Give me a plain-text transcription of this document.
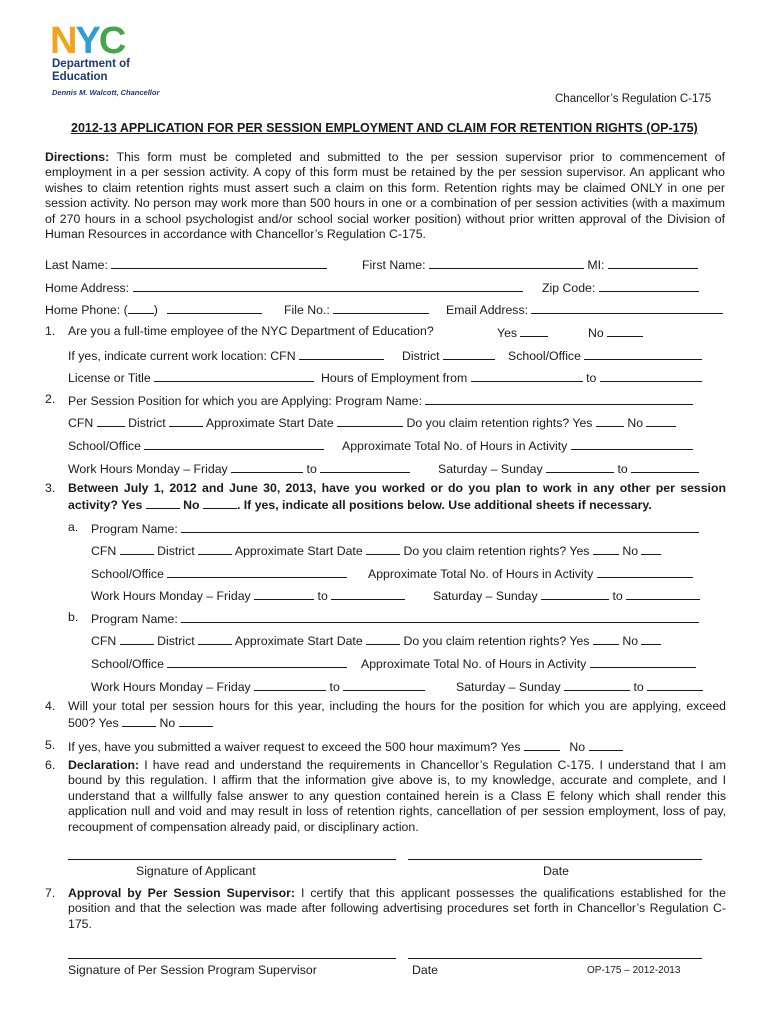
NYC
Department of
Education
Dennis M. Walcott, Chancellor
Chancellor’s Regulation C-175
2012-13 APPLICATION FOR PER SESSION EMPLOYMENT AND CLAIM FOR RETENTION RIGHTS (OP-175)
Directions: This form must be completed and submitted to the per session supervisor prior to commencement of employment in a per session activity. A copy of this form must be retained by the per session supervisor. An applicant who wishes to claim retention rights must assert such a claim on this form. Retention rights may be claimed ONLY in one per session activity. No person may work more than 500 hours in one or a combination of per session activities (with a maximum of 270 hours in a school psychologist and/or school social worker position) without prior written approval of the Division of Human Resources in accordance with Chancellor’s Regulation C-175.
Last Name:	First Name:	MI:
Home Address:	Zip Code:
Home Phone: ( )	File No.:	Email Address:
1. Are you a full-time employee of the NYC Department of Education?	Yes	No
If yes, indicate current work location: CFN	District	School/Office
License or Title	Hours of Employment from	to
2. Per Session Position for which you are Applying: Program Name:
CFN	District	Approximate Start Date	Do you claim retention rights? Yes	No
School/Office	Approximate Total No. of Hours in Activity
Work Hours Monday – Friday	to	Saturday – Sunday	to
3. Between July 1, 2012 and June 30, 2013, have you worked or do you plan to work in any other per session activity? Yes	No	. If yes, indicate all positions below. Use additional sheets if necessary.
a. Program Name:
CFN	District	Approximate Start Date	Do you claim retention rights? Yes	No
School/Office	Approximate Total No. of Hours in Activity
Work Hours Monday – Friday	to	Saturday – Sunday	to
b. Program Name:
CFN	District	Approximate Start Date	Do you claim retention rights? Yes	No
School/Office	Approximate Total No. of Hours in Activity
Work Hours Monday – Friday	to	Saturday – Sunday	to
4. Will your total per session hours for this year, including the hours for the position for which you are applying, exceed 500? Yes	No
5. If yes, have you submitted a waiver request to exceed the 500 hour maximum? Yes	No
6. Declaration: I have read and understand the requirements in Chancellor’s Regulation C-175. I understand that I am bound by this regulation. I affirm that the information give above is, to my knowledge, accurate and complete, and I understand that a willfully false answer to any question contained herein is a Class E felony which shall render this application null and void and may result in loss of retention rights, cancellation of per session employment, loss of pay, recoupment of compensation already paid, or disciplinary action.
Signature of Applicant	Date
7. Approval by Per Session Supervisor: I certify that this applicant possesses the qualifications established for the position and that the selection was made after following advertising procedures set forth in Chancellor’s Regulation C-175.
Signature of Per Session Program Supervisor	Date	OP-175 – 2012-2013
